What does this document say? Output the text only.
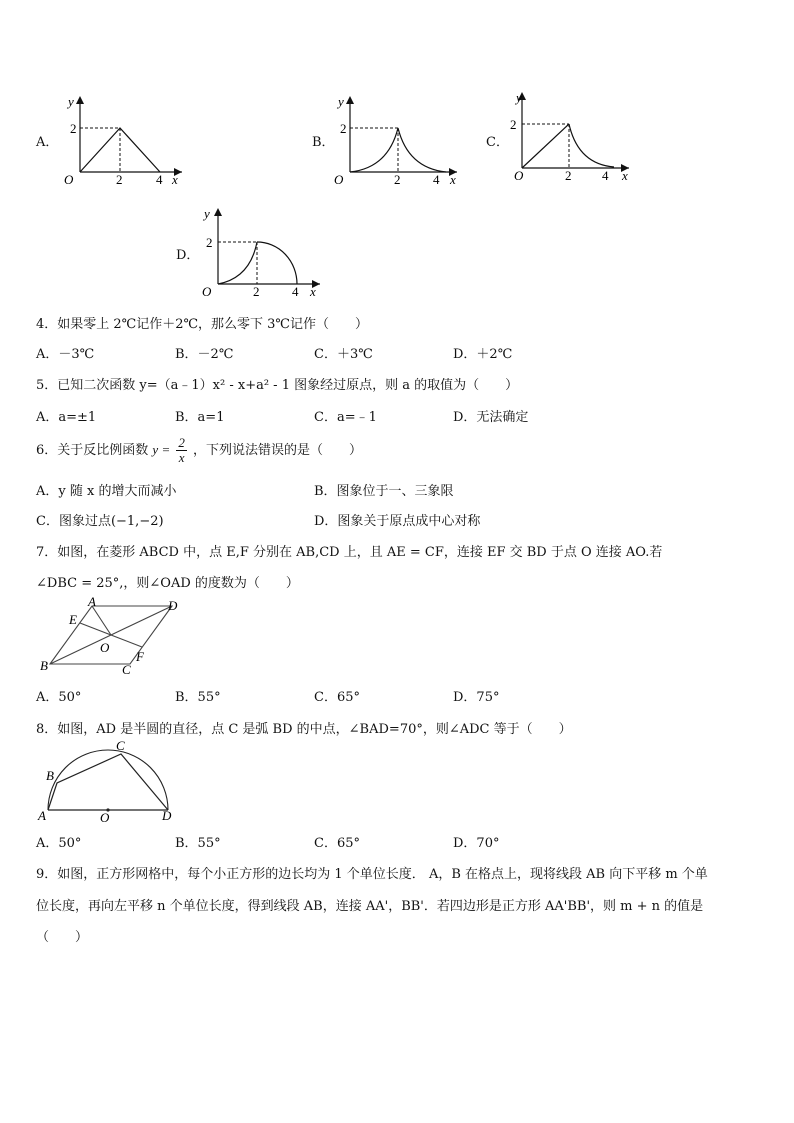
A．
y
x
O
2
2	4
B．
y
x
O
2
2	4
C．
y
x
O
2
2 4
D．
y
x
O
2
2	4
4．如果零上 2℃记作＋2℃，那么零下 3℃记作（　　）
A．－3℃	B．－2℃	C．＋3℃	D．＋2℃
5．已知二次函数 y=（a﹣1）x² - x+a² - 1 图象经过原点，则 a 的取值为（　　）
A．a=±1	B．a=1	C．a=﹣1	D．无法确定
6．关于反比例函数 $y = \frac{2}{x}$ ，下列说法错误的是（　　）
A．y 随 x 的增大而减小	B．图象位于一、三象限
C．图象过点(−1,−2)	D．图象关于原点成中心对称
7．如图，在菱形 ABCD 中，点 E,F 分别在 AB,CD 上，且 AE = CF，连接 EF 交 BD 于点 O 连接 AO.若
∠DBC = 25°,，则∠OAD 的度数为（　　）
A	D
B	C
E
F
O
A．50°	B．55°	C．65°	D．75°
8．如图，AD 是半圆的直径，点 C 是弧 BD 的中点，∠BAD=70°，则∠ADC 等于（　　）
A
B
C
D
O
A．50°	B．55°	C．65°	D．70°
9．如图，正方形网格中，每个小正方形的边长均为 1 个单位长度． A，B 在格点上，现将线段 AB 向下平移 m 个单
位长度，再向左平移 n 个单位长度，得到线段 AB，连接 AA'，BB'．若四边形是正方形 AA'BB'，则 m + n 的值是
（　　）
